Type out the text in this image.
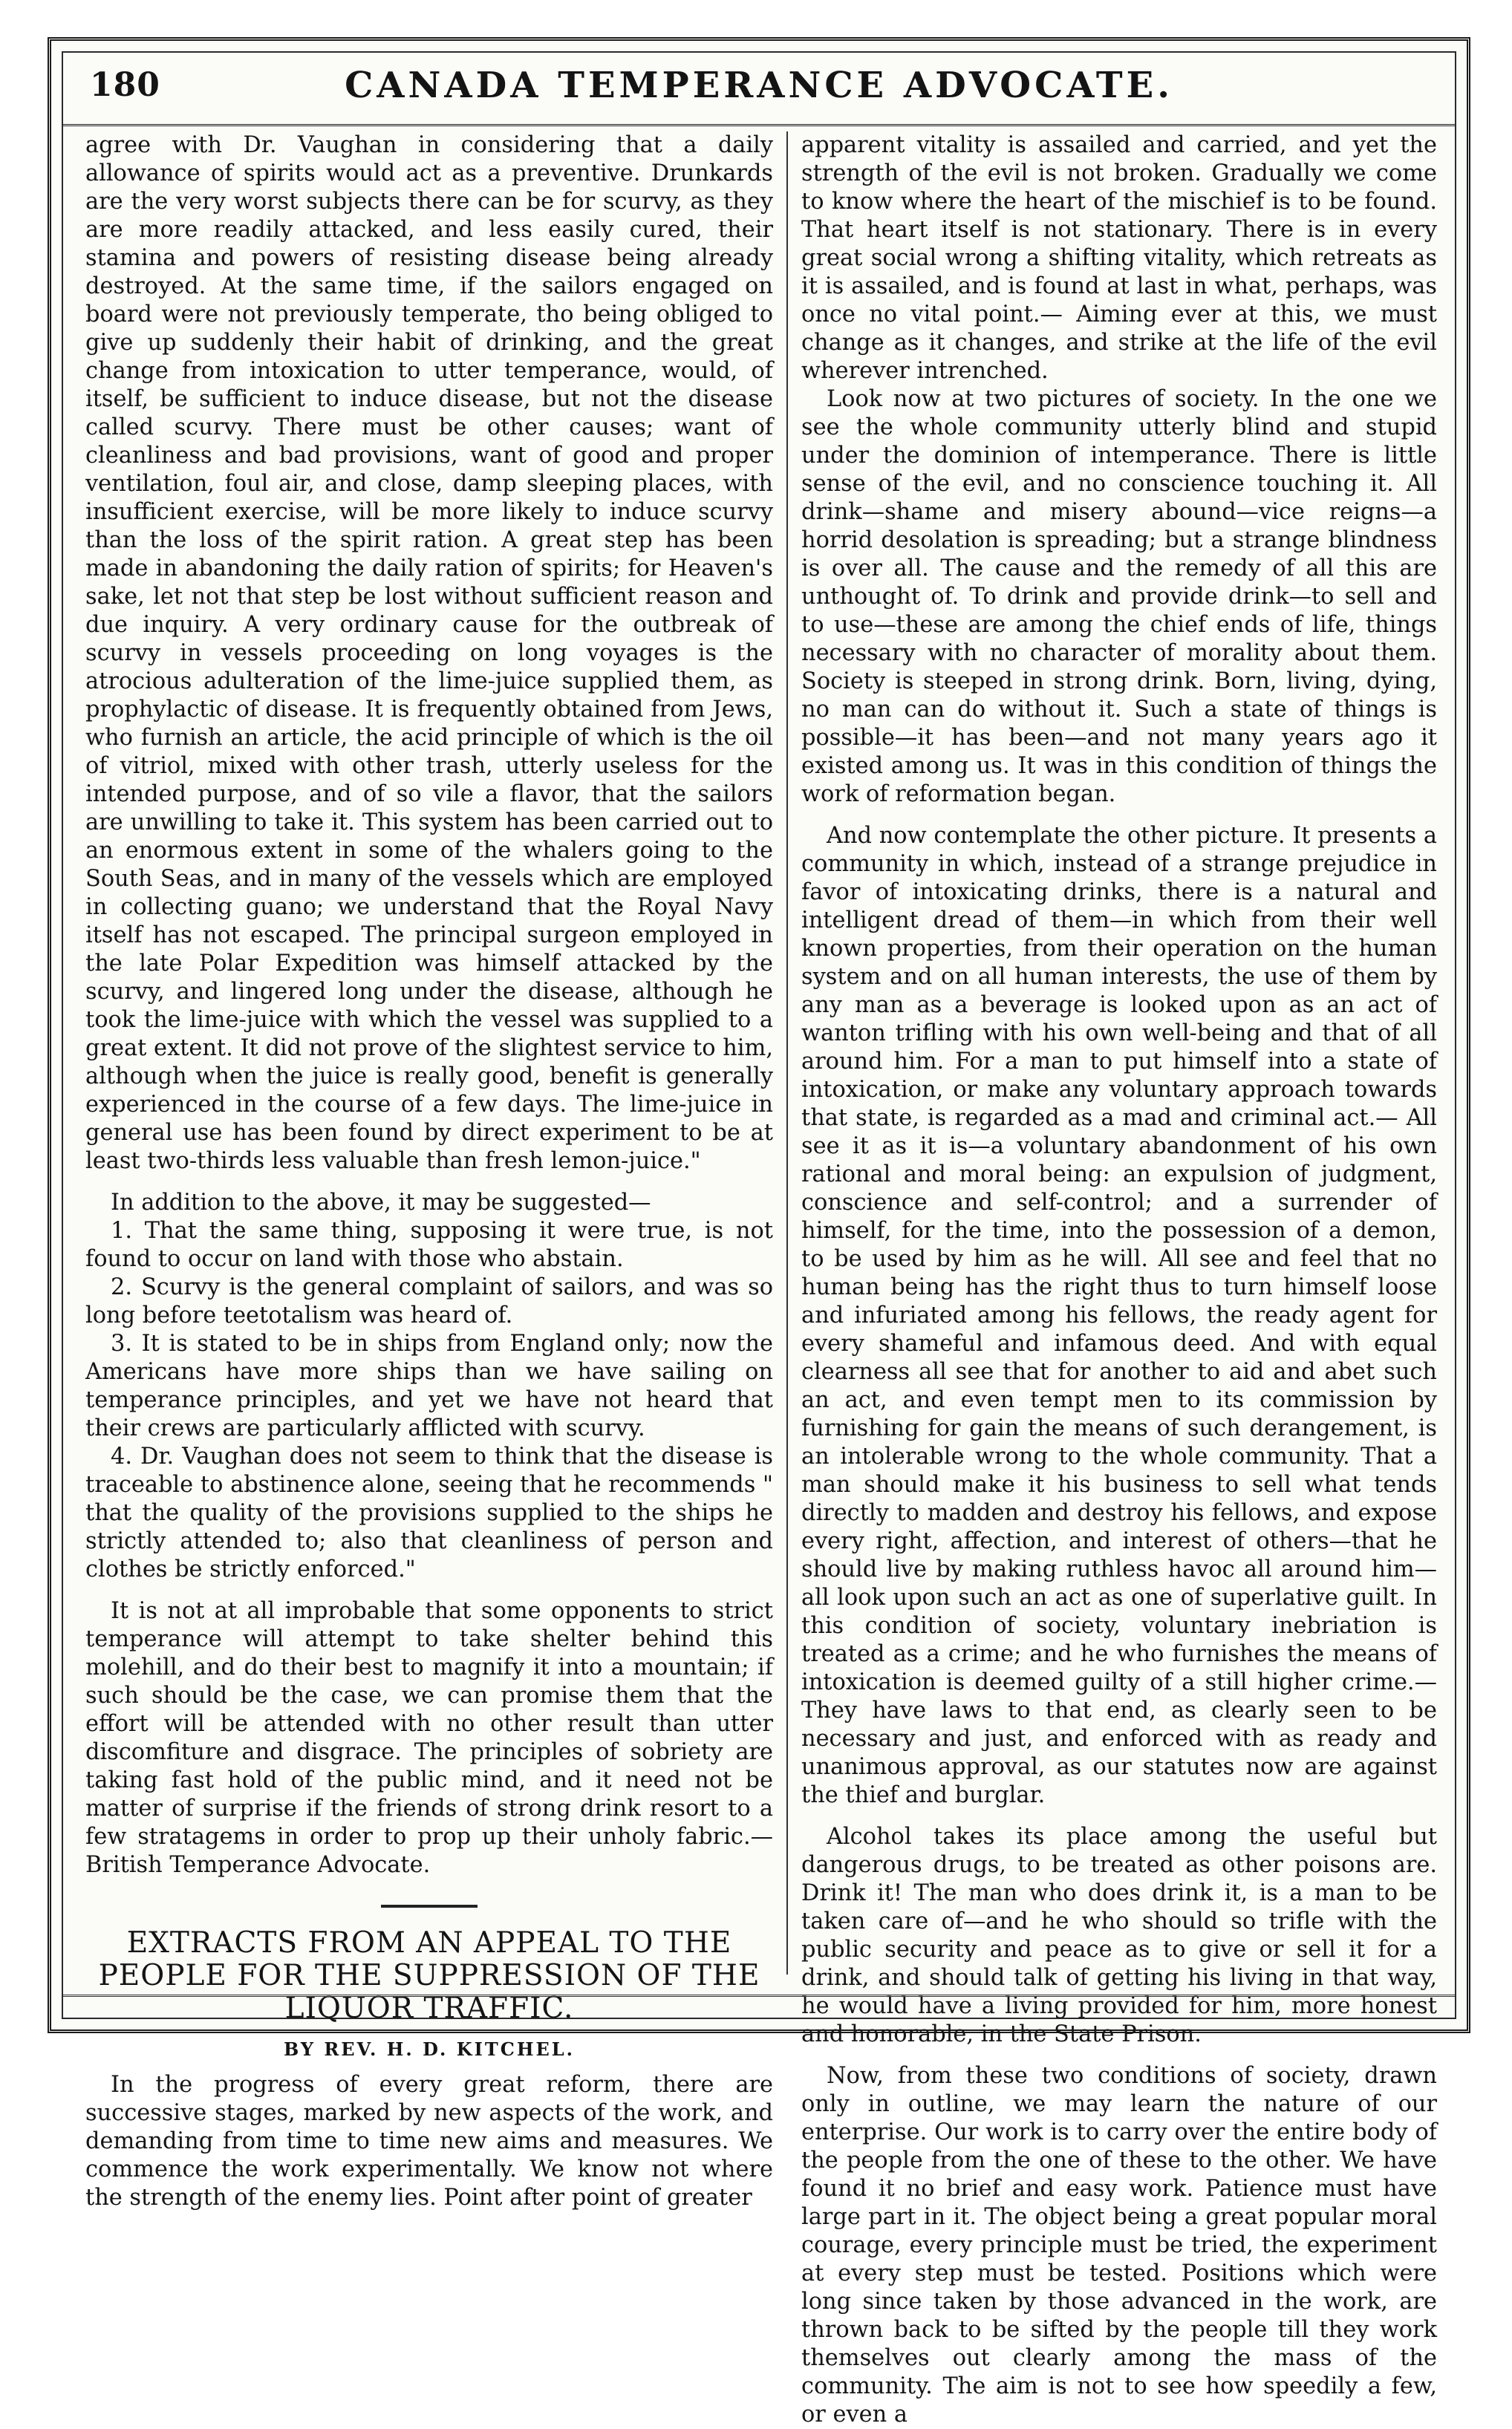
180	CANADA TEMPERANCE ADVOCATE.

agree with Dr. Vaughan in considering that a daily allowance of spirits would act as a preventive. Drunkards are the very worst subjects there can be for scurvy, as they are more readily attacked, and less easily cured, their stamina and powers of resisting disease being already destroyed. At the same time, if the sailors engaged on board were not previously temperate, tho being obliged to give up suddenly their habit of drinking, and the great change from intoxication to utter temperance, would, of itself, be sufficient to induce disease, but not the disease called scurvy. There must be other causes; want of cleanliness and bad provisions, want of good and proper ventilation, foul air, and close, damp sleeping places, with insufficient exercise, will be more likely to induce scurvy than the loss of the spirit ration. A great step has been made in abandoning the daily ration of spirits; for Heaven's sake, let not that step be lost without sufficient reason and due inquiry. A very ordinary cause for the outbreak of scurvy in vessels proceeding on long voyages is the atrocious adulteration of the lime-juice supplied them, as prophylactic of disease. It is frequently obtained from Jews, who furnish an article, the acid principle of which is the oil of vitriol, mixed with other trash, utterly useless for the intended purpose, and of so vile a flavor, that the sailors are unwilling to take it. This system has been carried out to an enormous extent in some of the whalers going to the South Seas, and in many of the vessels which are employed in collecting guano; we understand that the Royal Navy itself has not escaped. The principal surgeon employed in the late Polar Expedition was himself attacked by the scurvy, and lingered long under the disease, although he took the lime-juice with which the vessel was supplied to a great extent. It did not prove of the slightest service to him, although when the juice is really good, benefit is generally experienced in the course of a few days. The lime-juice in general use has been found by direct experiment to be at least two-thirds less valuable than fresh lemon-juice."

In addition to the above, it may be suggested—

1. That the same thing, supposing it were true, is not found to occur on land with those who abstain.

2. Scurvy is the general complaint of sailors, and was so long before teetotalism was heard of.

3. It is stated to be in ships from England only; now the Americans have more ships than we have sailing on temperance principles, and yet we have not heard that their crews are particularly afflicted with scurvy.

4. Dr. Vaughan does not seem to think that the disease is traceable to abstinence alone, seeing that he recommends " that the quality of the provisions supplied to the ships he strictly attended to; also that cleanliness of person and clothes be strictly enforced."

It is not at all improbable that some opponents to strict temperance will attempt to take shelter behind this molehill, and do their best to magnify it into a mountain; if such should be the case, we can promise them that the effort will be attended with no other result than utter discomfiture and disgrace. The principles of sobriety are taking fast hold of the public mind, and it need not be matter of surprise if the friends of strong drink resort to a few stratagems in order to prop up their unholy fabric.—British Temperance Advocate.

EXTRACTS FROM AN APPEAL TO THE PEOPLE FOR THE SUPPRESSION OF THE LIQUOR TRAFFIC.
BY REV. H. D. KITCHEL.

In the progress of every great reform, there are successive stages, marked by new aspects of the work, and demanding from time to time new aims and measures. We commence the work experimentally. We know not where the strength of the enemy lies. Point after point of greater

apparent vitality is assailed and carried, and yet the strength of the evil is not broken. Gradually we come to know where the heart of the mischief is to be found. That heart itself is not stationary. There is in every great social wrong a shifting vitality, which retreats as it is assailed, and is found at last in what, perhaps, was once no vital point.— Aiming ever at this, we must change as it changes, and strike at the life of the evil wherever intrenched.

Look now at two pictures of society. In the one we see the whole community utterly blind and stupid under the dominion of intemperance. There is little sense of the evil, and no conscience touching it. All drink—shame and misery abound—vice reigns—a horrid desolation is spreading; but a strange blindness is over all. The cause and the remedy of all this are unthought of. To drink and provide drink—to sell and to use—these are among the chief ends of life, things necessary with no character of morality about them. Society is steeped in strong drink. Born, living, dying, no man can do without it. Such a state of things is possible—it has been—and not many years ago it existed among us. It was in this condition of things the work of reformation began.

And now contemplate the other picture. It presents a community in which, instead of a strange prejudice in favor of intoxicating drinks, there is a natural and intelligent dread of them—in which from their well known properties, from their operation on the human system and on all human interests, the use of them by any man as a beverage is looked upon as an act of wanton trifling with his own well-being and that of all around him. For a man to put himself into a state of intoxication, or make any voluntary approach towards that state, is regarded as a mad and criminal act.— All see it as it is—a voluntary abandonment of his own rational and moral being: an expulsion of judgment, conscience and self-control; and a surrender of himself, for the time, into the possession of a demon, to be used by him as he will. All see and feel that no human being has the right thus to turn himself loose and infuriated among his fellows, the ready agent for every shameful and infamous deed. And with equal clearness all see that for another to aid and abet such an act, and even tempt men to its commission by furnishing for gain the means of such derangement, is an intolerable wrong to the whole community. That a man should make it his business to sell what tends directly to madden and destroy his fellows, and expose every right, affection, and interest of others—that he should live by making ruthless havoc all around him—all look upon such an act as one of superlative guilt. In this condition of society, voluntary inebriation is treated as a crime; and he who furnishes the means of intoxication is deemed guilty of a still higher crime.— They have laws to that end, as clearly seen to be necessary and just, and enforced with as ready and unanimous approval, as our statutes now are against the thief and burglar.

Alcohol takes its place among the useful but dangerous drugs, to be treated as other poisons are. Drink it! The man who does drink it, is a man to be taken care of—and he who should so trifle with the public security and peace as to give or sell it for a drink, and should talk of getting his living in that way, he would have a living provided for him, more honest and honorable, in the State Prison.

Now, from these two conditions of society, drawn only in outline, we may learn the nature of our enterprise. Our work is to carry over the entire body of the people from the one of these to the other. We have found it no brief and easy work. Patience must have large part in it. The object being a great popular moral courage, every principle must be tried, the experiment at every step must be tested. Positions which were long since taken by those advanced in the work, are thrown back to be sifted by the people till they work themselves out clearly among the mass of the community. The aim is not to see how speedily a few, or even a
